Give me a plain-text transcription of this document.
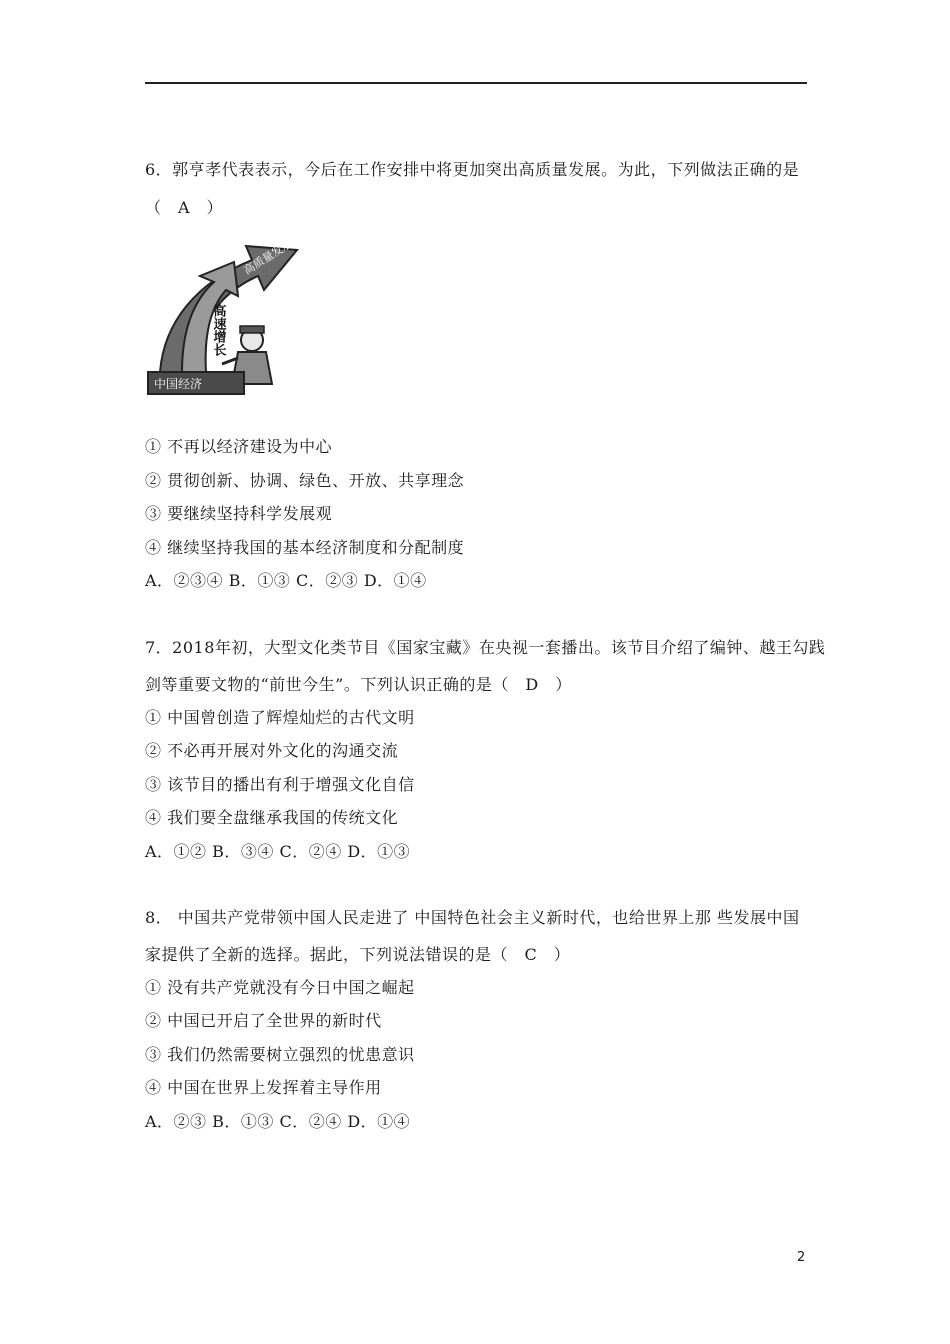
6．郭亨孝代表表示，今后在工作安排中将更加突出高质量发展。为此，下列做法正确的是
（　A　）
高质量发展
高速增长
中国经济
① 不再以经济建设为中心
② 贯彻创新、协调、绿色、开放、共享理念
③ 要继续坚持科学发展观
④ 继续坚持我国的基本经济制度和分配制度
A．②③④ B．①③ C．②③ D．①④
7．2018年初，大型文化类节目《国家宝藏》在央视一套播出。该节目介绍了编钟、越王勾践
剑等重要文物的“前世今生”。下列认识正确的是（　D　）
① 中国曾创造了辉煌灿烂的古代文明
② 不必再开展对外文化的沟通交流
③ 该节目的播出有利于增强文化自信
④ 我们要全盘继承我国的传统文化
A．①② B．③④ C．②④ D．①③
8． 中国共产党带领中国人民走进了 中国特色社会主义新时代，也给世界上那 些发展中国
家提供了全新的选择。据此，下列说法错误的是（　C　）
① 没有共产党就没有今日中国之崛起
② 中国已开启了全世界的新时代
③ 我们仍然需要树立强烈的忧患意识
④ 中国在世界上发挥着主导作用
A．②③ B．①③ C．②④ D．①④
2
